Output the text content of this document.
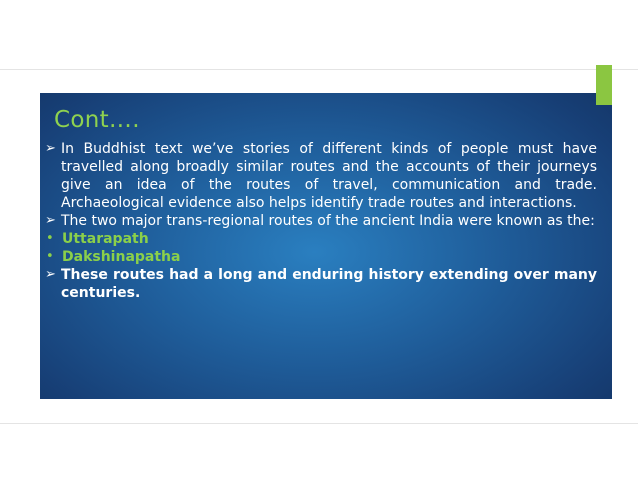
Cont….
➢ In Buddhist text we’ve stories of different kinds of people must have travelled along broadly similar routes and the accounts of their journeys give an idea of the routes of travel, communication and trade. Archaeological evidence also helps identify trade routes and interactions.
➢ The two major trans-regional routes of the ancient India were known as the:
• Uttarapath
• Dakshinapatha
➢ These routes had a long and enduring history extending over many centuries.
